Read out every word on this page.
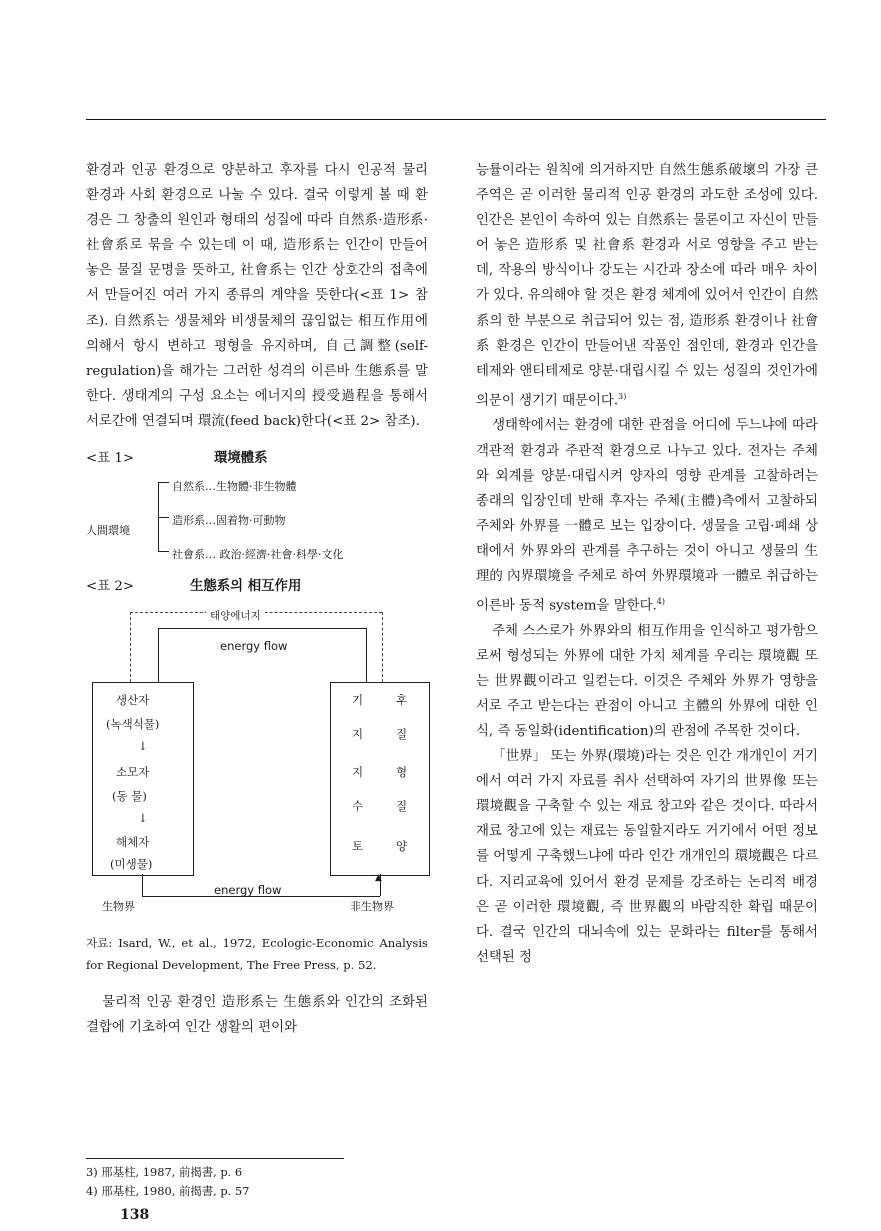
환경과 인공 환경으로 양분하고 후자를 다시 인공적 물리 환경과 사회 환경으로 나눌 수 있다. 결국 이렇게 볼 때 환경은 그 창출의 원인과 형태의 성질에 따라 自然系·造形系·社會系로 묶을 수 있는데 이 때, 造形系는 인간이 만들어 놓은 물질 문명을 뜻하고, 社會系는 인간 상호간의 접촉에서 만들어진 여러 가지 종류의 계약을 뜻한다(<표 1> 참조). 自然系는 생물체와 비생물체의 끊임없는 相互作用에 의해서 항시 변하고 평형을 유지하며, 自己調整(self-regulation)을 해가는 그러한 성격의 이른바 生態系를 말한다. 생태계의 구성 요소는 에너지의 授受過程을 통해서 서로간에 연결되며 環流(feed back)한다(<표 2> 참조).

<표 1>	環境體系
人間環境
自然系…生物體·非生物體
造形系…固着物·可動物
社會系… 政治·經濟·社會·科學·文化
<표 2>	生態系의 相互作用
태양에너지
energy flow
생산자
(녹색식물)
↓
소모자
(동 물)
↓
해체자
(미생물)
기	후
지	질
지	형
수	질
토	양
▲
energy flow
生物界	非生物界

자료: Isard, W., et al., 1972, Ecologic-Economic Analysis for Regional Development, The Free Press, p. 52.

물리적 인공 환경인 造形系는 生態系와 인간의 조화된 결합에 기초하여 인간 생활의 편이와

능률이라는 원칙에 의거하지만 自然生態系破壞의 가장 큰 주역은 곧 이러한 물리적 인공 환경의 과도한 조성에 있다. 인간은 본인이 속하여 있는 自然系는 물론이고 자신이 만들어 놓은 造形系 및 社會系 환경과 서로 영향을 주고 받는데, 작용의 방식이나 강도는 시간과 장소에 따라 매우 차이가 있다. 유의해야 할 것은 환경 체계에 있어서 인간이 自然系의 한 부분으로 취급되어 있는 점, 造形系 환경이나 社會系 환경은 인간이 만들어낸 작품인 점인데, 환경과 인간을 테제와 앤티테제로 양분·대립시킬 수 있는 성질의 것인가에 의문이 생기기 때문이다.$^{3)}$

생태학에서는 환경에 대한 관점을 어디에 두느냐에 따라 객관적 환경과 주관적 환경으로 나누고 있다. 전자는 주체와 외계를 양분·대립시켜 양자의 영향 관계를 고찰하려는 종래의 입장인데 반해 후자는 주체(主體)측에서 고찰하되 주체와 外界를 一體로 보는 입장이다. 생물을 고립·폐쇄 상태에서 外界와의 관계를 추구하는 것이 아니고 생물의 生理的 內界環境을 주체로 하여 外界環境과 一體로 취급하는 이른바 동적 system을 말한다.$^{4)}$

주체 스스로가 外界와의 相互作用을 인식하고 평가함으로써 형성되는 外界에 대한 가치 체계를 우리는 環境觀 또는 世界觀이라고 일컫는다. 이것은 주체와 外界가 영향을 서로 주고 받는다는 관점이 아니고 主體의 外界에 대한 인식, 즉 동일화(identification)의 관점에 주목한 것이다.

「世界」 또는 外界(環境)라는 것은 인간 개개인이 거기에서 여러 가지 자료를 취사 선택하여 자기의 世界像 또는 環境觀을 구축할 수 있는 재료 창고와 같은 것이다. 따라서 재료 창고에 있는 재료는 동일할지라도 거기에서 어떤 정보를 어떻게 구축했느냐에 따라 인간 개개인의 環境觀은 다르다. 지리교육에 있어서 환경 문제를 강조하는 논리적 배경은 곧 이러한 環境觀, 즉 世界觀의 바람직한 확립 때문이다. 결국 인간의 대뇌속에 있는 문화라는 filter를 통해서 선택된 정

3) 邢基柱, 1987, 前揭書, p. 6
4) 邢基柱, 1980, 前揭書, p. 57
138
